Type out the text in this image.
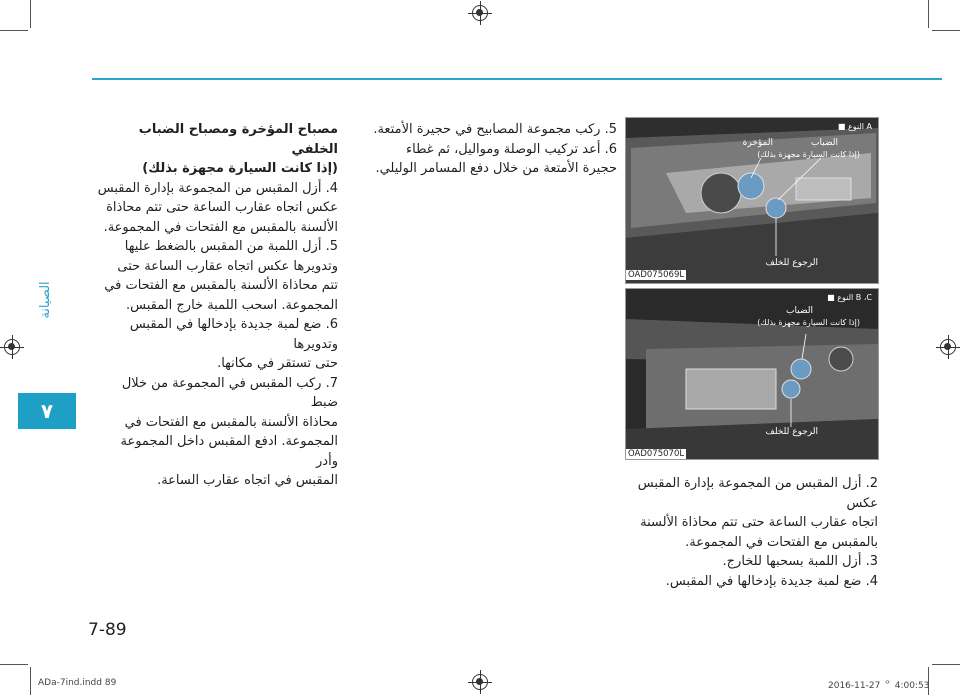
الصيانة
٧

مصباح المؤخرة ومصباح الضباب الخلفي

(إذا كانت السيارة مجهزة بذلك)

4. أزل المقبس من المجموعة بإدارة المقبس

عكس اتجاه عقارب الساعة حتى تتم محاذاة

الألسنة بالمقبس مع الفتحات في المجموعة.

5. أزل اللمبة من المقبس بالضغط عليها

وتدويرها عكس اتجاه عقارب الساعة حتى

تتم محاذاة الألسنة بالمقبس مع الفتحات في

المجموعة. اسحب اللمبة خارج المقبس.

6. ضع لمبة جديدة بإدخالها في المقبس وتدويرها

حتى تستقر في مكانها.

7. ركب المقبس في المجموعة من خلال ضبط

محاذاة الألسنة بالمقبس مع الفتحات في

المجموعة. ادفع المقبس داخل المجموعة وأدر

المقبس في اتجاه عقارب الساعة.

5. ركب مجموعة المصابيح في حجيرة الأمتعة.

6. أعد تركيب الوصلة ومواليل، ثم غطاء

حجيرة الأمتعة من خلال دفع المسامر الوليلي.

■ النوع A
المؤخرة	الضباب
(إذا كانت السيارة مجهزة بذلك)
الرجوع للخلف
OAD075069L
■ النوع B ،C
الضباب
(إذا كانت السيارة مجهزة بذلك)
الرجوع للخلف
OAD075070L

2. أزل المقبس من المجموعة بإدارة المقبس عكس

اتجاه عقارب الساعة حتى تتم محاذاة الألسنة

بالمقبس مع الفتحات في المجموعة.

3. أزل اللمبة بسحبها للخارج.

4. ضع لمبة جديدة بإدخالها في المقبس.

7-89
ADa-7ind.indd 89	2016-11-27 ᄋ 4:00:53
